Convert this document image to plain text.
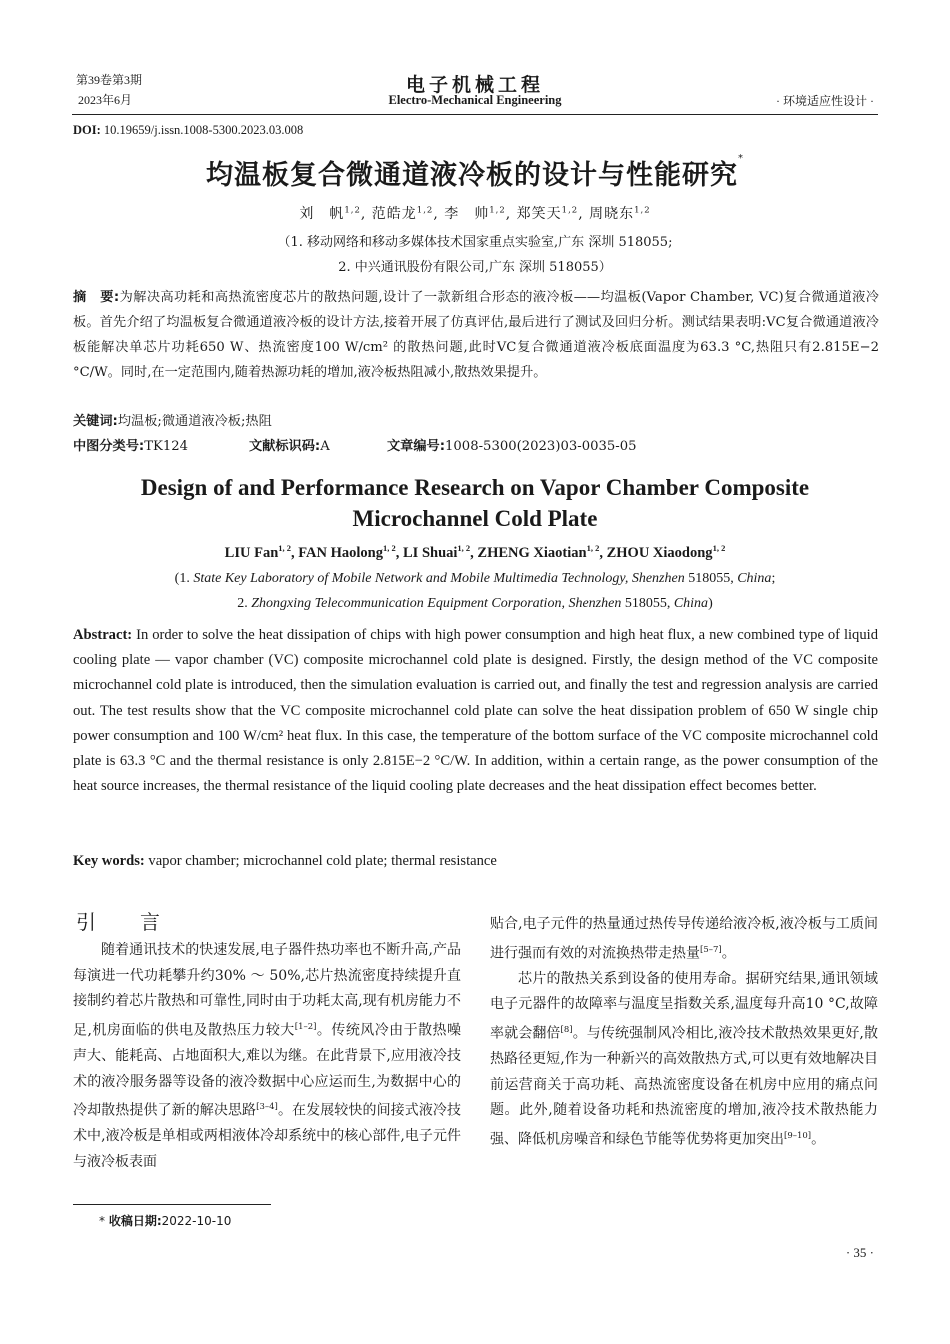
第39卷第3期
2023年6月
电子机械工程
Electro-Mechanical Engineering	· 环境适应性设计 ·
DOI: 10.19659/j.issn.1008-5300.2023.03.008
均温板复合微通道液冷板的设计与性能研究*
刘　帆$^{1,2}$, 范皓龙$^{1,2}$, 李　帅$^{1,2}$, 郑笑天$^{1,2}$, 周晓东$^{1,2}$
（1. 移动网络和移动多媒体技术国家重点实验室,广东 深圳 518055;
2. 中兴通讯股份有限公司,广东 深圳 518055）
摘　要:为解决高功耗和高热流密度芯片的散热问题,设计了一款新组合形态的液冷板——均温板(Vapor Chamber, VC)复合微通道液冷板。首先介绍了均温板复合微通道液冷板的设计方法,接着开展了仿真评估,最后进行了测试及回归分析。测试结果表明:VC复合微通道液冷板能解决单芯片功耗650 W、热流密度100 W/cm² 的散热问题,此时VC复合微通道液冷板底面温度为63.3 °C,热阻只有2.815E−2 °C/W。同时,在一定范围内,随着热源功耗的增加,液冷板热阻减小,散热效果提升。
关键词:均温板;微通道液冷板;热阻
中图分类号:TK124	文献标识码:A	文章编号:1008-5300(2023)03-0035-05
Design of and Performance Research on Vapor Chamber Composite
Microchannel Cold Plate
LIU Fan$^{1, 2}$, FAN Haolong$^{1, 2}$, LI Shuai$^{1, 2}$, ZHENG Xiaotian$^{1, 2}$, ZHOU Xiaodong$^{1, 2}$
(1. State Key Laboratory of Mobile Network and Mobile Multimedia Technology, Shenzhen 518055, China;
2. Zhongxing Telecommunication Equipment Corporation, Shenzhen 518055, China)
Abstract: In order to solve the heat dissipation of chips with high power consumption and high heat flux, a new combined type of liquid cooling plate — vapor chamber (VC) composite microchannel cold plate is designed. Firstly, the design method of the VC composite microchannel cold plate is introduced, then the simulation evaluation is carried out, and finally the test and regression analysis are carried out. The test results show that the VC composite microchannel cold plate can solve the heat dissipation problem of 650 W single chip power consumption and 100 W/cm² heat flux. In this case, the temperature of the bottom surface of the VC composite microchannel cold plate is 63.3 °C and the thermal resistance is only 2.815E−2 °C/W. In addition, within a certain range, as the power consumption of the heat source increases, the thermal resistance of the liquid cooling plate decreases and the heat dissipation effect becomes better.
Key words: vapor chamber; microchannel cold plate; thermal resistance
引　言

随着通讯技术的快速发展,电子器件热功率也不断升高,产品每演进一代功耗攀升约30% ～ 50%,芯片热流密度持续提升直接制约着芯片散热和可靠性,同时由于功耗太高,现有机房能力不足,机房面临的供电及散热压力较大[1–2]。传统风冷由于散热噪声大、能耗高、占地面积大,难以为继。在此背景下,应用液冷技术的液冷服务器等设备的液冷数据中心应运而生,为数据中心的冷却散热提供了新的解决思路[3–4]。在发展较快的间接式液冷技术中,液冷板是单相或两相液体冷却系统中的核心部件,电子元件与液冷板表面

贴合,电子元件的热量通过热传导传递给液冷板,液冷板与工质间进行强而有效的对流换热带走热量[5–7]。

芯片的散热关系到设备的使用寿命。据研究结果,通讯领域电子元器件的故障率与温度呈指数关系,温度每升高10 °C,故障率就会翻倍[8]。与传统强制风冷相比,液冷技术散热效果更好,散热路径更短,作为一种新兴的高效散热方式,可以更有效地解决目前运营商关于高功耗、高热流密度设备在机房中应用的痛点问题。此外,随着设备功耗和热流密度的增加,液冷技术散热能力强、降低机房噪音和绿色节能等优势将更加突出[9–10]。

* 收稿日期:2022-10-10
· 35 ·
